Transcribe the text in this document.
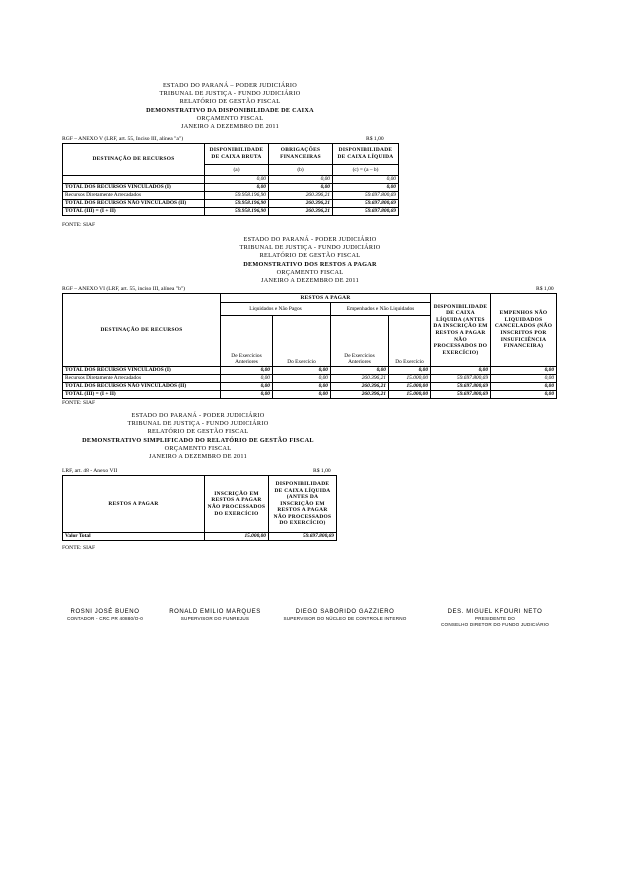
ESTADO DO PARANÁ – PODER JUDICIÁRIO
TRIBUNAL DE JUSTIÇA - FUNDO JUDICIÁRIO
RELATÓRIO DE GESTÃO FISCAL
DEMONSTRATIVO DA DISPONIBILIDADE DE CAIXA
ORÇAMENTO FISCAL
JANEIRO A DEZEMBRO DE 2011
RGF – ANEXO V (LRF, art. 55, Inciso III, alínea "a")	R$ 1,00
DESTINAÇÃO DE RECURSOS	DISPONIBILIDADE DE CAIXA BRUTA	OBRIGAÇÕES FINANCEIRAS	DISPONIBILIDADE DE CAIXA LÍQUIDA
	(a)	(b)	(c) = (a – b)
	0,00	0,00	0,00
TOTAL DOS RECURSOS VINCULADOS (I)	0,00	0,00	0,00
Recursos Diretamente Arrecadados	59.958.196,90	260.396,21	59.697.800,69
TOTAL DOS RECURSOS NÃO VINCULADOS (II)	59.958.196,90	260.396,21	59.697.800,69
TOTAL (III) = (I + II)	59.958.196,90	260.396,21	59.697.800,69
FONTE: SIAF
ESTADO DO PARANÁ - PODER JUDICIÁRIO
TRIBUNAL DE JUSTIÇA - FUNDO JUDICIÁRIO
RELATÓRIO DE GESTÃO FISCAL
DEMONSTRATIVO DOS RESTOS A PAGAR
ORÇAMENTO FISCAL
JANEIRO A DEZEMBRO DE 2011
RGF – ANEXO VI (LRF, art. 55, inciso III, alínea "b")	R$ 1,00
DESTINAÇÃO DE RECURSOS	RESTOS A PAGAR				DISPONIBILIDADE DE CAIXA LÍQUIDA (ANTES DA INSCRIÇÃO EM RESTOS A PAGAR NÃO PROCESSADOS DO EXERCÍCIO)	EMPENHOS NÃO LIQUIDADOS CANCELADOS (NÃO INSCRITOS POR INSUFICIÊNCIA FINANCEIRA)
	Liquidados e Não Pagos		Empenhados e Não Liquidados			
	De Exercícios Anteriores	Do Exercício	De Exercícios Anteriores	Do Exercício		
TOTAL DOS RECURSOS VINCULADOS (I)	0,00	0,00	0,00	0,00	0,00	0,00
Recursos Diretamente Arrecadados	0,00	0,00	260.396,21	15.000,00	59.697.800,69	0,00
TOTAL DOS RECURSOS NÃO VINCULADOS (II)	0,00	0,00	260.396,21	15.000,00	59.697.800,69	0,00
TOTAL (III) = (I + II)	0,00	0,00	260.396,21	15.000,00	59.697.800,69	0,00
FONTE: SIAF
ESTADO DO PARANÁ - PODER JUDICIÁRIO
TRIBUNAL DE JUSTIÇA - FUNDO JUDICIÁRIO
RELATÓRIO DE GESTÃO FISCAL
DEMONSTRATIVO SIMPLIFICADO DO RELATÓRIO DE GESTÃO FISCAL
ORÇAMENTO FISCAL
JANEIRO A DEZEMBRO DE 2011
LRF, art. 48 - Anexo VII	R$ 1,00
RESTOS A PAGAR	INSCRIÇÃO EM RESTOS A PAGAR NÃO PROCESSADOS DO EXERCÍCIO	DISPONIBILIDADE DE CAIXA LÍQUIDA (ANTES DA INSCRIÇÃO EM RESTOS A PAGAR NÃO PROCESSADOS DO EXERCÍCIO)
Valor Total	15.000,00	59.697.800,69
FONTE: SIAF
ROSNI JOSÉ BUENO
CONTADOR - CRC PR 40880/O-0
RONALD EMILIO MARQUES
SUPERVISOR DO FUNREJUS
DIEGO SABORIDO GAZZIERO
SUPERVISOR DO NÚCLEO DE CONTROLE INTERNO
DES. MIGUEL KFOURI NETO
PRESIDENTE DO
CONSELHO DIRETOR DO FUNDO JUDICIÁRIO
